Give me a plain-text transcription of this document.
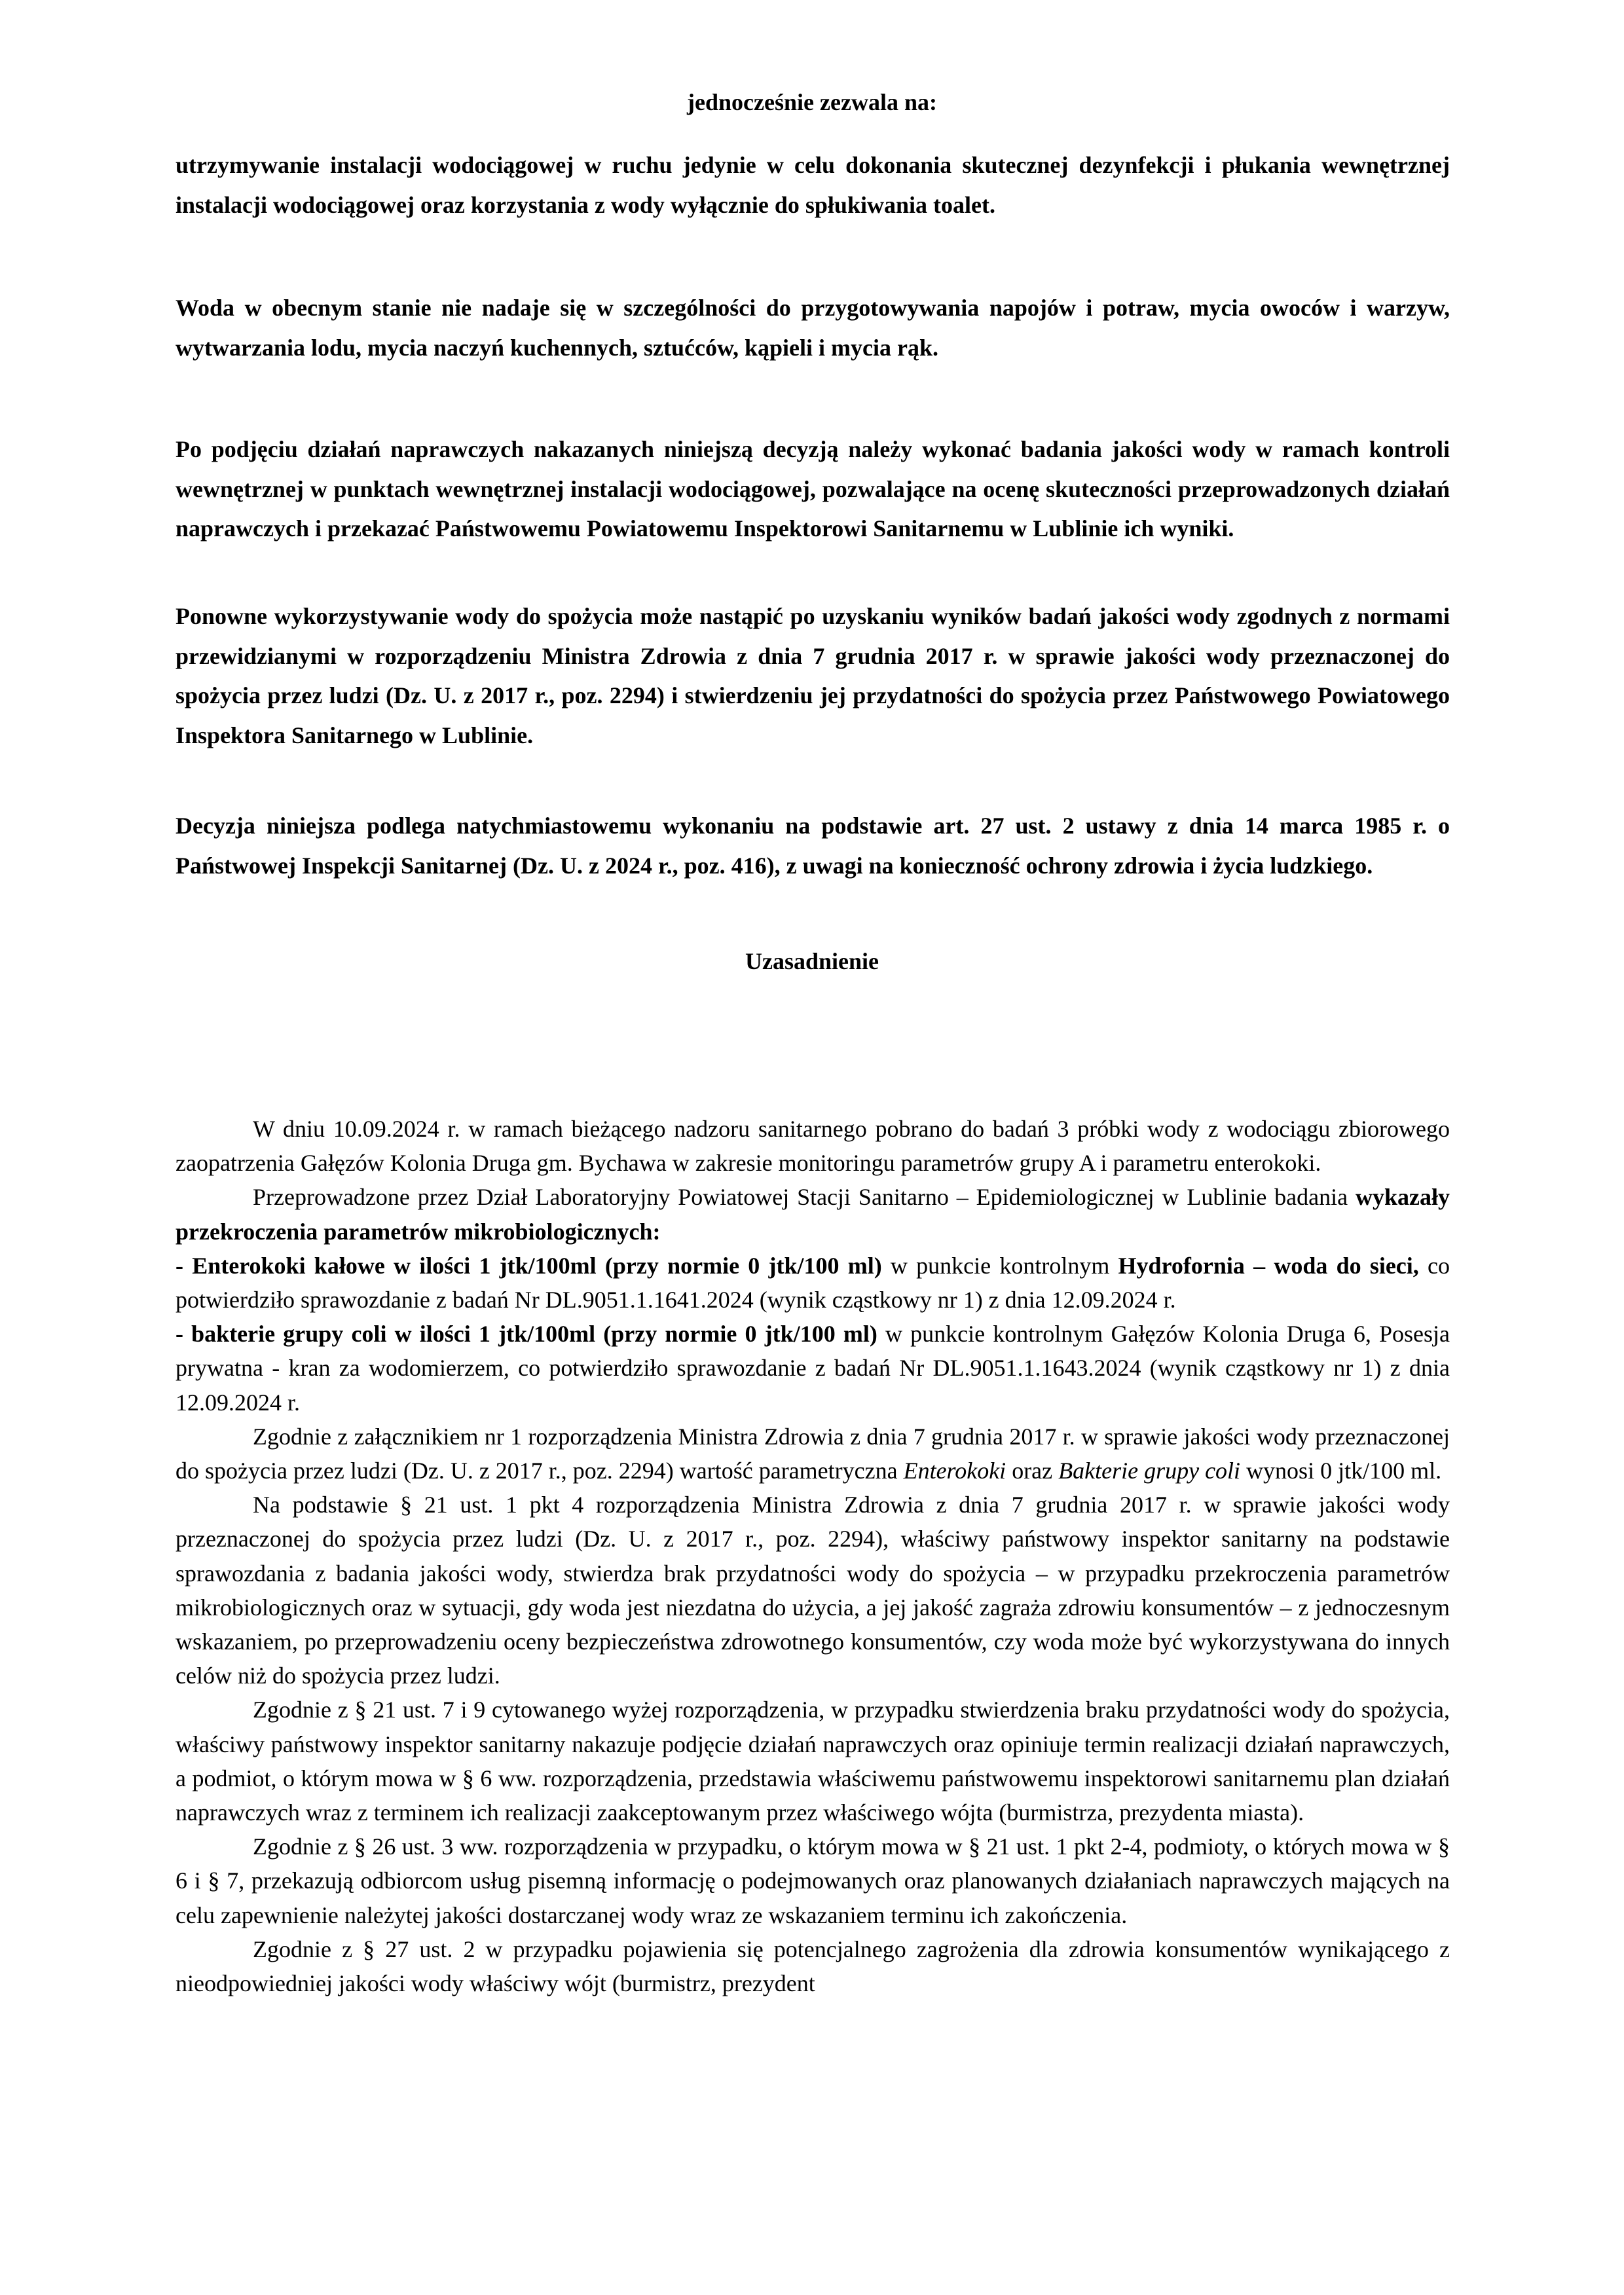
jednocześnie zezwala na:

utrzymywanie instalacji wodociągowej w ruchu jedynie w celu dokonania skutecznej dezynfekcji i płukania wewnętrznej instalacji wodociągowej oraz korzystania z wody wyłącznie do spłukiwania toalet.

Woda w obecnym stanie nie nadaje się w szczególności do przygotowywania napojów i potraw, mycia owoców i warzyw, wytwarzania lodu, mycia naczyń kuchennych, sztućców, kąpieli i mycia rąk.

Po podjęciu działań naprawczych nakazanych niniejszą decyzją należy wykonać badania jakości wody w ramach kontroli wewnętrznej w punktach wewnętrznej instalacji wodociągowej, pozwalające na ocenę skuteczności przeprowadzonych działań naprawczych i przekazać Państwowemu Powiatowemu Inspektorowi Sanitarnemu w Lublinie ich wyniki.

Ponowne wykorzystywanie wody do spożycia może nastąpić po uzyskaniu wyników badań jakości wody zgodnych z normami przewidzianymi w rozporządzeniu Ministra Zdrowia z dnia 7 grudnia 2017 r. w sprawie jakości wody przeznaczonej do spożycia przez ludzi (Dz. U. z 2017 r., poz. 2294) i stwierdzeniu jej przydatności do spożycia przez Państwowego Powiatowego Inspektora Sanitarnego w Lublinie.

Decyzja niniejsza podlega natychmiastowemu wykonaniu na podstawie art. 27 ust. 2 ustawy z dnia 14 marca 1985 r. o Państwowej Inspekcji Sanitarnej (Dz. U. z 2024 r., poz. 416), z uwagi na konieczność ochrony zdrowia i życia ludzkiego.

Uzasadnienie

W dniu 10.09.2024 r. w ramach bieżącego nadzoru sanitarnego pobrano do badań 3 próbki wody z wodociągu zbiorowego zaopatrzenia Gałęzów Kolonia Druga gm. Bychawa w zakresie monitoringu parametrów grupy A i parametru enterokoki.

Przeprowadzone przez Dział Laboratoryjny Powiatowej Stacji Sanitarno – Epidemiologicznej w Lublinie badania wykazały przekroczenia parametrów mikrobiologicznych:

- Enterokoki kałowe w ilości 1 jtk/100ml (przy normie 0 jtk/100 ml) w punkcie kontrolnym Hydrofornia – woda do sieci, co potwierdziło sprawozdanie z badań Nr DL.9051.1.1641.2024 (wynik cząstkowy nr 1) z dnia 12.09.2024 r.

- bakterie grupy coli w ilości 1 jtk/100ml (przy normie 0 jtk/100 ml) w punkcie kontrolnym Gałęzów Kolonia Druga 6, Posesja prywatna - kran za wodomierzem, co potwierdziło sprawozdanie z badań Nr DL.9051.1.1643.2024 (wynik cząstkowy nr 1) z dnia 12.09.2024 r.

Zgodnie z załącznikiem nr 1 rozporządzenia Ministra Zdrowia z dnia 7 grudnia 2017 r. w sprawie jakości wody przeznaczonej do spożycia przez ludzi (Dz. U. z 2017 r., poz. 2294) wartość parametryczna Enterokoki oraz Bakterie grupy coli wynosi 0 jtk/100 ml.

Na podstawie § 21 ust. 1 pkt 4 rozporządzenia Ministra Zdrowia z dnia 7 grudnia 2017 r. w sprawie jakości wody przeznaczonej do spożycia przez ludzi (Dz. U. z 2017 r., poz. 2294), właściwy państwowy inspektor sanitarny na podstawie sprawozdania z badania jakości wody, stwierdza brak przydatności wody do spożycia – w przypadku przekroczenia parametrów mikrobiologicznych oraz w sytuacji, gdy woda jest niezdatna do użycia, a jej jakość zagraża zdrowiu konsumentów – z jednoczesnym wskazaniem, po przeprowadzeniu oceny bezpieczeństwa zdrowotnego konsumentów, czy woda może być wykorzystywana do innych celów niż do spożycia przez ludzi.

Zgodnie z § 21 ust. 7 i 9 cytowanego wyżej rozporządzenia, w przypadku stwierdzenia braku przydatności wody do spożycia, właściwy państwowy inspektor sanitarny nakazuje podjęcie działań naprawczych oraz opiniuje termin realizacji działań naprawczych, a podmiot, o którym mowa w § 6 ww. rozporządzenia, przedstawia właściwemu państwowemu inspektorowi sanitarnemu plan działań naprawczych wraz z terminem ich realizacji zaakceptowanym przez właściwego wójta (burmistrza, prezydenta miasta).

Zgodnie z § 26 ust. 3 ww. rozporządzenia w przypadku, o którym mowa w § 21 ust. 1 pkt 2-4, podmioty, o których mowa w § 6 i § 7, przekazują odbiorcom usług pisemną informację o podejmowanych oraz planowanych działaniach naprawczych mających na celu zapewnienie należytej jakości dostarczanej wody wraz ze wskazaniem terminu ich zakończenia.

Zgodnie z § 27 ust. 2 w przypadku pojawienia się potencjalnego zagrożenia dla zdrowia konsumentów wynikającego z nieodpowiedniej jakości wody właściwy wójt (burmistrz, prezydent
